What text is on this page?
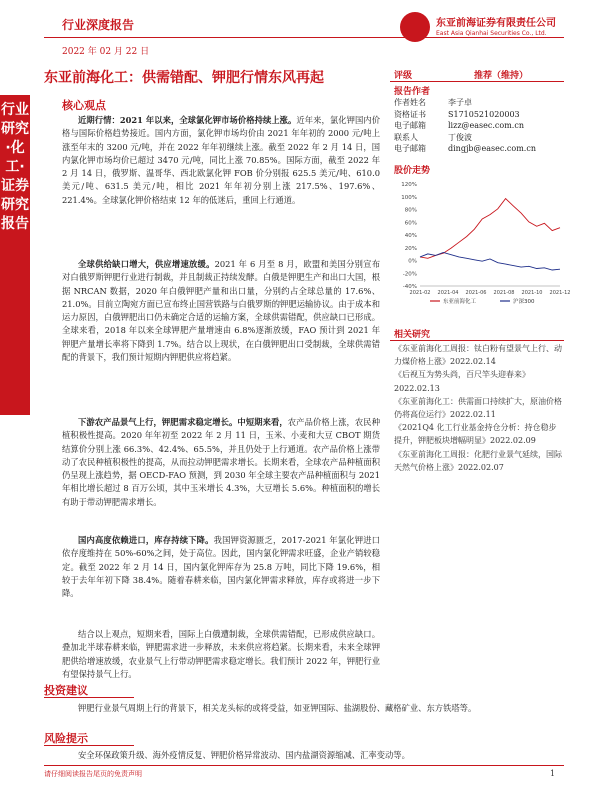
行业深度报告
2022 年 02 月 22 日
东亚前海证券有限责任公司
East Asia Qianhai Securities Co., Ltd.
行业研究·化工·证券研究报告
东亚前海化工：供需错配、钾肥行情东风再起	评级	推荐（维持）
报告作者
作者姓名	李子卓
资格证书	S1710521020003
电子邮箱	lizz@easec.com.cn
联系人	丁俊波
电子邮箱	dingjb@easec.com.cn
股价走势
120%
100%
80%
60%
40%
20%
0%
-20%
-40%
2021-02 2021-04 2021-06 2021-08 2021-10 2021-12
东亚前海化工	沪深300
相关研究
《东亚前海化工周报：钛白粉有望景气上行、动力煤价格上涨》2022.02.14
《后视互为势头尚，百尺竿头迎春来》2022.02.13
《东亚前海化工：供需面口持续扩大，原油价格仍将高位运行》2022.02.11
《2021Q4 化工行业基金持仓分析：持仓稳步提升，钾肥板块增幅明显》2022.02.09
《东亚前海化工周报：化肥行业景气延续，国际天然气价格上涨》2022.02.07
核心观点
近期行情：2021 年以来，全球氯化钾市场价格持续上涨。近年来，氯化钾国内价格与国际价格趋势接近。国内方面，氯化钾市场均价由 2021 年年初的 2000 元/吨上涨至年末的 3200 元/吨，并在 2022 年年初继续上涨。截至 2022 年 2 月 14 日，国内氯化钾市场均价已超过 3470 元/吨，同比上涨 70.85%。国际方面，截至 2022 年 2 月 14 日，俄罗斯、温哥华、西北欧氯化钾 FOB 价分别报 625.5 美元/吨、610.0 美元/吨、631.5 美元/吨，相比 2021 年年初分别上涨 217.5%、197.6%、221.4%。全球氯化钾价格结束 12 年的低迷后，重回上行通道。
全球供给缺口增大，供应增速放缓。2021 年 6 月至 8 月，欧盟和美国分别宣布对白俄罗斯钾肥行业进行制裁，并且制裁正持续发酵。白俄是钾肥生产和出口大国，根据 NRCAN 数据，2020 年白俄钾肥产量和出口量，分别约占全球总量的 17.6%、21.0%。目前立陶宛方面已宣布终止国营铁路与白俄罗斯的钾肥运输协议。由于成本和运力原因，白俄钾肥出口仍未确定合适的运输方案，全球供需错配，供应缺口已形成。全球来看，2018 年以来全球钾肥产量增速由 6.8%逐渐放缓，FAO 预计到 2021 年钾肥产量增长率将下降到 1.7%。结合以上现状，在白俄钾肥出口受制裁，全球供需错配的背景下，我们预计短期内钾肥供应将趋紧。
下游农产品景气上行，钾肥需求稳定增长。中短期来看，农产品价格上涨，农民种植积极性提高。2020 年年初至 2022 年 2 月 11 日，玉米、小麦和大豆 CBOT 期货结算价分别上涨 66.3%、42.4%、65.5%，并且仍处于上行通道。农产品价格上涨带动了农民种植积极性的提高，从而拉动钾肥需求增长。长期来看，全球农产品种植面积仍呈现上涨趋势，据 OECD-FAO 预测，到 2030 年全球主要农产品种植面积与 2021 年相比增长超过 8 百万公顷，其中玉米增长 4.3%，大豆增长 5.6%。种植面积的增长有助于带动钾肥需求增长。
国内高度依赖进口，库存持续下降。我国钾资源匮乏，2017-2021 年氯化钾进口依存度维持在 50%-60%之间，处于高位。因此，国内氯化钾需求旺盛，企业产销较稳定。截至 2022 年 2 月 14 日，国内氯化钾库存为 25.8 万吨，同比下降 19.6%，相较于去年年初下降 38.4%。随着春耕来临，国内氯化钾需求释放，库存或将进一步下降。
结合以上观点，短期来看，国际上白俄遭制裁，全球供需错配，已形成供应缺口。叠加北半球春耕来临，钾肥需求进一步释放，未来供应将趋紧。长期来看，未来全球钾肥供给增速放缓，农业景气上行带动钾肥需求稳定增长。我们预计 2022 年，钾肥行业有望保持景气上行。
投资建议
钾肥行业景气周期上行的背景下，相关龙头标的或将受益，如亚钾国际、盐湖股份、藏格矿业、东方铁塔等。
风险提示
安全环保政策升级、海外疫情反复、钾肥价格异常波动、国内盐湖资源缩减、汇率变动等。
请仔细阅读报告尾页的免责声明	1
